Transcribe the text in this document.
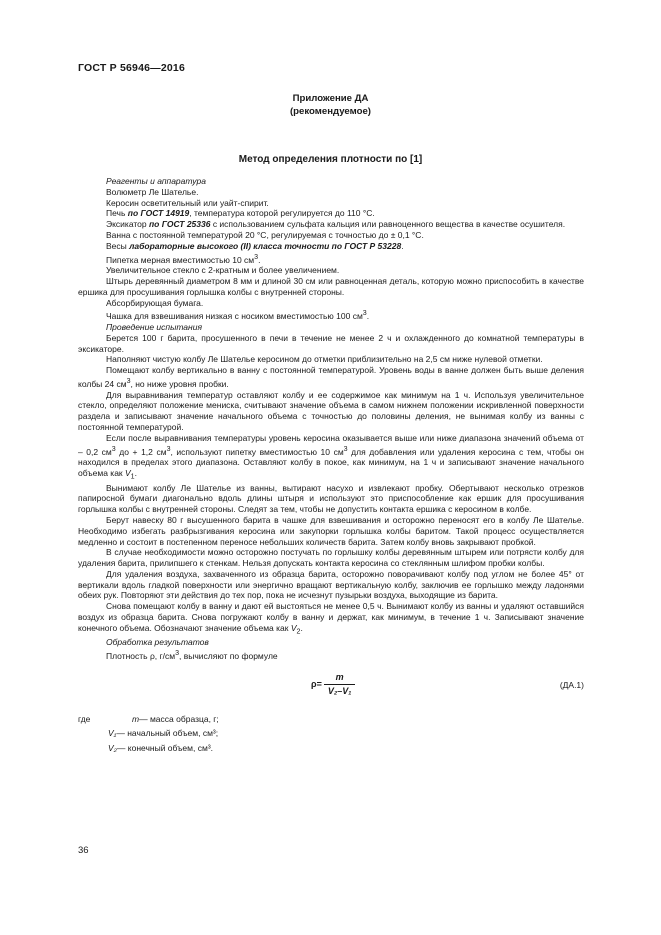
ГОСТ Р 56946—2016
Приложение ДА
(рекомендуемое)
Метод определения плотности по [1]

Реагенты и аппаратура

Волюметр Ле Шателье.

Керосин осветительный или уайт-спирит.

Печь по ГОСТ 14919, температура которой регулируется до 110 °С.

Эксикатор по ГОСТ 25336 с использованием сульфата кальция или равноценного вещества в качестве осушителя.

Ванна с постоянной температурой 20 °С, регулируемая с точностью до ± 0,1 °С.

Весы лабораторные высокого (II) класса точности по ГОСТ Р 53228.

Пипетка мерная вместимостью 10 $см^3$.

Увеличительное стекло с 2-кратным и более увеличением.

Штырь деревянный диаметром 8 мм и длиной 30 см или равноценная деталь, которую можно приспособить в качестве ершика для просушивания горлышка колбы с внутренней стороны.

Абсорбирующая бумага.

Чашка для взвешивания низкая с носиком вместимостью 100 $см^3$.

Проведение испытания

Берется 100 г барита, просушенного в печи в течение не менее 2 ч и охлажденного до комнатной температуры в эксикаторе.

Наполняют чистую колбу Ле Шателье керосином до отметки приблизительно на 2,5 см ниже нулевой отметки.

Помещают колбу вертикально в ванну с постоянной температурой. Уровень воды в ванне должен быть выше деления колбы 24 $см^3$, но ниже уровня пробки.

Для выравнивания температур оставляют колбу и ее содержимое как минимум на 1 ч. Используя увеличительное стекло, определяют положение мениска, считывают значение объема в самом нижнем положении искривленной поверхности раздела и записывают значение начального объема с точностью до половины деления, не вынимая колбу из ванны с постоянной температурой.

Если после выравнивания температуры уровень керосина оказывается выше или ниже диапазона значений объема от – 0,2 $см^3$ до + 1,2 $см^3$, используют пипетку вместимостью 10 $см^3$ для добавления или удаления керосина с тем, чтобы он находился в пределах этого диапазона. Оставляют колбу в покое, как минимум, на 1 ч и записывают значение начального объема как $V_1$.

Вынимают колбу Ле Шателье из ванны, вытирают насухо и извлекают пробку. Обертывают несколько отрезков папиросной бумаги диагонально вдоль длины штыря и используют это приспособление как ершик для просушивания горлышка колбы с внутренней стороны. Следят за тем, чтобы не допустить контакта ершика с керосином в колбе.

Берут навеску 80 г высушенного барита в чашке для взвешивания и осторожно переносят его в колбу Ле Шателье. Необходимо избегать разбрызгивания керосина или закупорки горлышка колбы баритом. Такой процесс осуществляется медленно и состоит в постепенном переносе небольших количеств барита. Затем колбу вновь закрывают пробкой.

В случае необходимости можно осторожно постучать по горлышку колбы деревянным штырем или потрясти колбу для удаления барита, прилипшего к стенкам. Нельзя допускать контакта керосина со стеклянным шлифом пробки колбы.

Для удаления воздуха, захваченного из образца барита, осторожно поворачивают колбу под углом не более 45° от вертикали вдоль гладкой поверхности или энергично вращают вертикальную колбу, заключив ее горлышко между ладонями обеих рук. Повторяют эти действия до тех пор, пока не исчезнут пузырьки воздуха, выходящие из барита.

Снова помещают колбу в ванну и дают ей выстояться не менее 0,5 ч. Вынимают колбу из ванны и удаляют оставшийся воздух из образца барита. Снова погружают колбу в ванну и держат, как минимум, в течение 1 ч. Записывают значение конечного объема. Обозначают значение объема как $V_2$.

Обработка результатов

Плотность ρ, $г/см^3$, вычисляют по формуле

$\rho = \frac{m}{\text{V₂–V₁}}$	(ДА.1)
где	m — масса образца, г;
V₁ — начальный объем, см³;
V₂ — конечный объем, см³.
36
